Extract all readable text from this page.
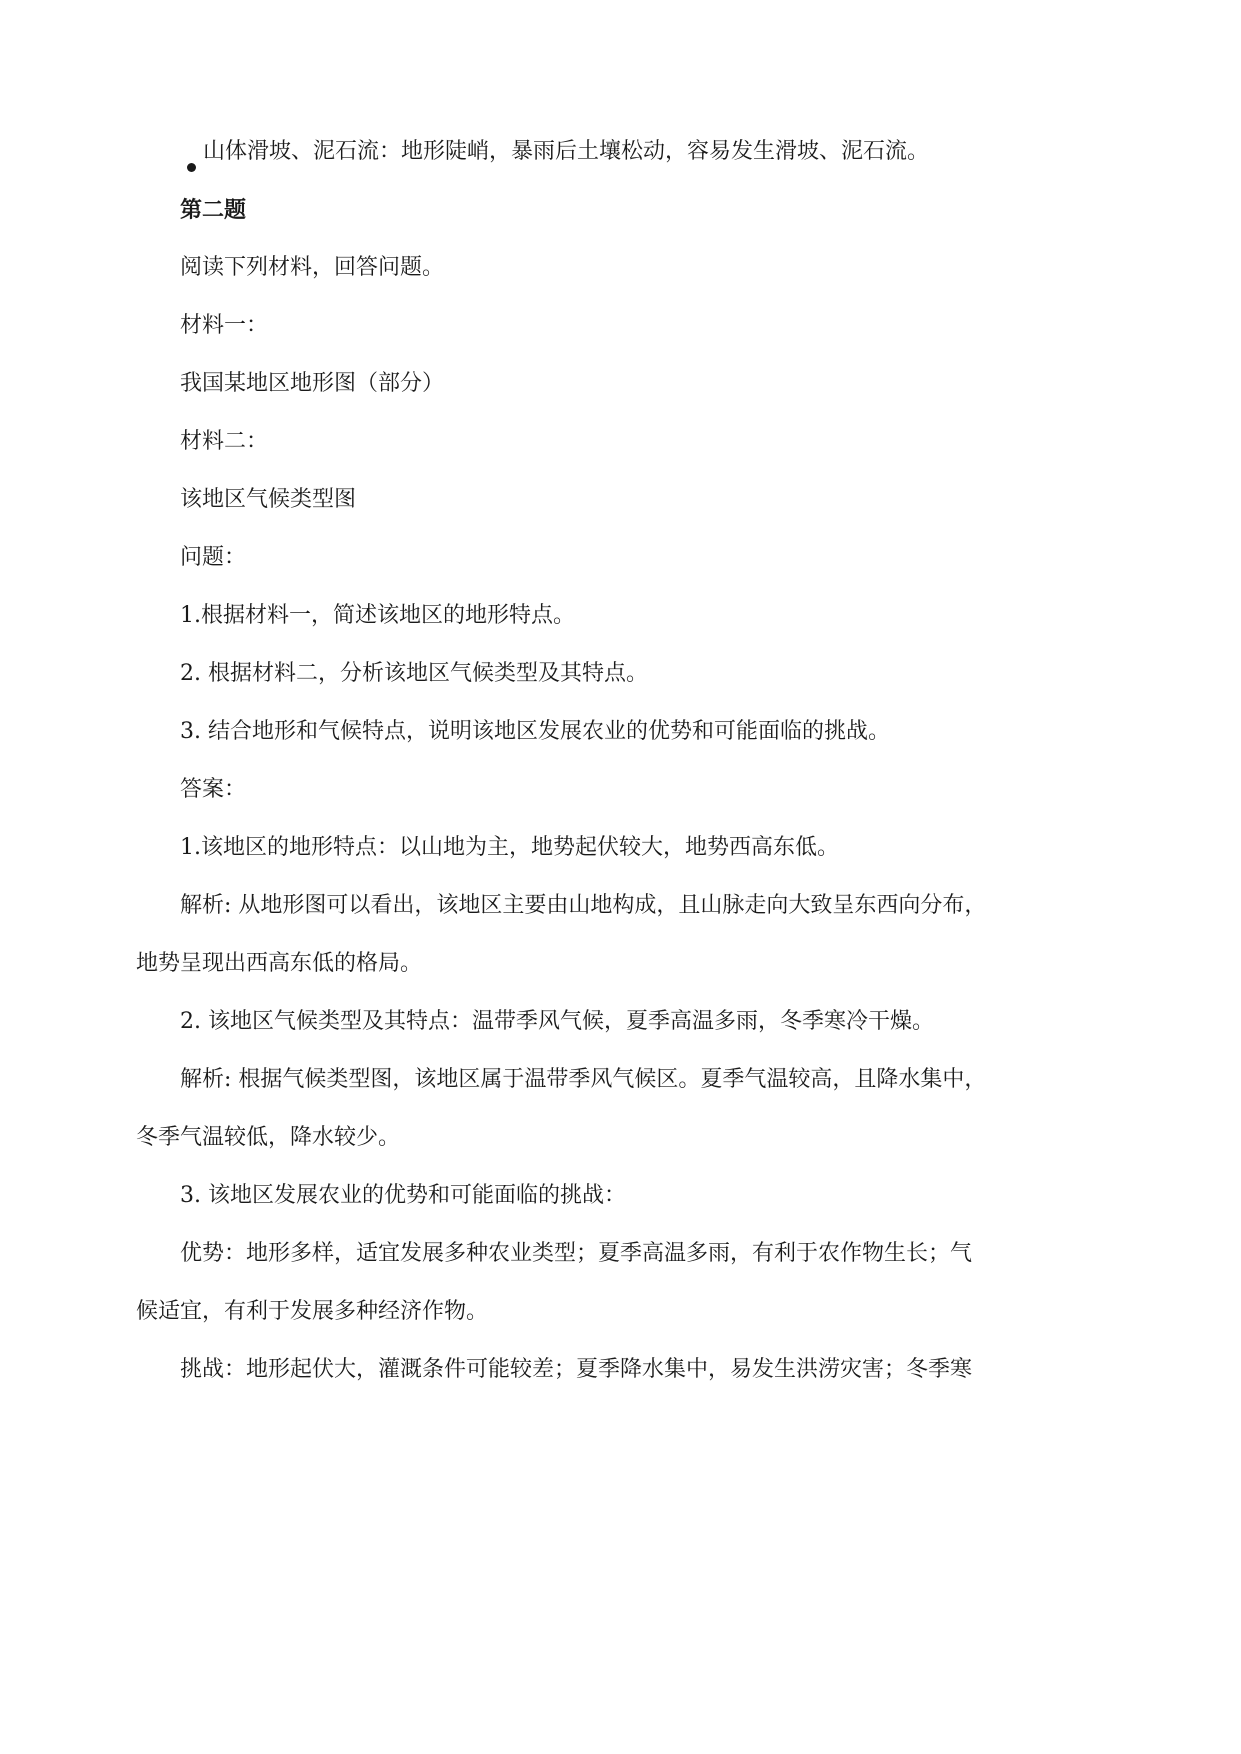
山体滑坡、泥石流：地形陡峭，暴雨后土壤松动，容易发生滑坡、泥石流。
第二题
阅读下列材料，回答问题。
材料一：
我国某地区地形图（部分）
材料二：
该地区气候类型图
问题：
1.根据材料一，简述该地区的地形特点。
2. 根据材料二，分析该地区气候类型及其特点。
3. 结合地形和气候特点，说明该地区发展农业的优势和可能面临的挑战。
答案：
1.该地区的地形特点：以山地为主，地势起伏较大，地势西高东低。
解析: 从地形图可以看出，该地区主要由山地构成，且山脉走向大致呈东西向分布，
地势呈现出西高东低的格局。
2. 该地区气候类型及其特点：温带季风气候，夏季高温多雨，冬季寒冷干燥。
解析: 根据气候类型图，该地区属于温带季风气候区。夏季气温较高，且降水集中，
冬季气温较低，降水较少。
3. 该地区发展农业的优势和可能面临的挑战：
优势：地形多样，适宜发展多种农业类型；夏季高温多雨，有利于农作物生长；气
候适宜，有利于发展多种经济作物。
挑战：地形起伏大，灌溉条件可能较差；夏季降水集中，易发生洪涝灾害；冬季寒
